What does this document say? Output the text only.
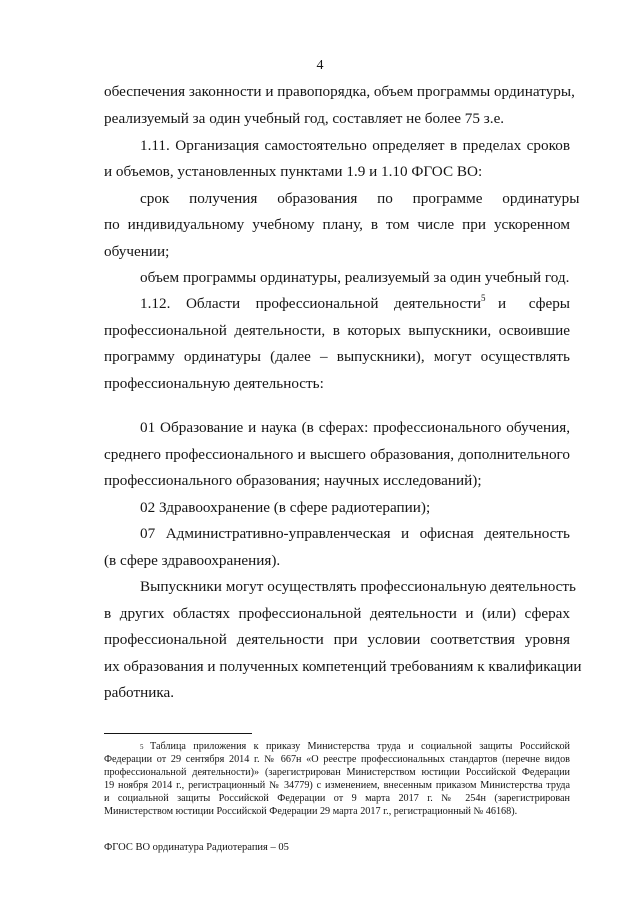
4
обеспечения законности и правопорядка, объем программы ординатуры,
реализуемый за один учебный год, составляет не более 75 з.е.
1.11. Организация самостоятельно определяет в пределах сроков
и объемов, установленных пунктами 1.9 и 1.10 ФГОС ВО:
срок получения образования по программе ординатуры
по индивидуальному учебному плану, в том числе при ускоренном
обучении;
объем программы ординатуры, реализуемый за один учебный год.
1.12. Области профессиональной деятельности 5 и сферы
профессиональной деятельности, в которых выпускники, освоившие
программу ординатуры (далее – выпускники), могут осуществлять
профессиональную деятельность:
01 Образование и наука (в сферах: профессионального обучения,
среднего профессионального и высшего образования, дополнительного
профессионального образования; научных исследований);
02 Здравоохранение (в сфере радиотерапии);
07 Административно-управленческая и офисная деятельность
(в сфере здравоохранения).
Выпускники могут осуществлять профессиональную деятельность
в других областях профессиональной деятельности и (или) сферах
профессиональной деятельности при условии соответствия уровня
их образования и полученных компетенций требованиям к квалификации
работника.
5 Таблица приложения к приказу Министерства труда и социальной защиты Российской
Федерации от 29 сентября 2014 г. № 667н «О реестре профессиональных стандартов (перечне видов
профессиональной деятельности)» (зарегистрирован Министерством юстиции Российской Федерации
19 ноября 2014 г., регистрационный № 34779) с изменением, внесенным приказом Министерства труда
и социальной защиты Российской Федерации от 9 марта 2017 г. № 254н (зарегистрирован
Министерством юстиции Российской Федерации 29 марта 2017 г., регистрационный № 46168).
ФГОС ВО ординатура Радиотерапия – 05
